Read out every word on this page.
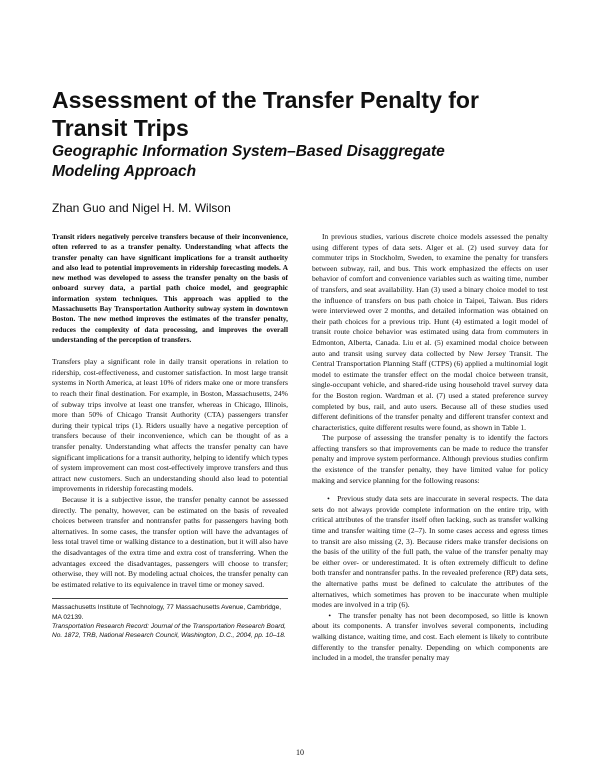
Assessment of the Transfer Penalty for Transit Trips
Geographic Information System–Based Disaggregate Modeling Approach

Zhan Guo and Nigel H. M. Wilson

Transit riders negatively perceive transfers because of their inconvenience, often referred to as a transfer penalty. Understanding what affects the transfer penalty can have significant implications for a transit authority and also lead to potential improvements in ridership forecasting models. A new method was developed to assess the transfer penalty on the basis of onboard survey data, a partial path choice model, and geographic information system techniques. This approach was applied to the Massachusetts Bay Transportation Authority subway system in downtown Boston. The new method improves the estimates of the transfer penalty, reduces the complexity of data processing, and improves the overall understanding of the perception of transfers.

Transfers play a significant role in daily transit operations in relation to ridership, cost-effectiveness, and customer satisfaction. In most large transit systems in North America, at least 10% of riders make one or more transfers to reach their final destination. For example, in Boston, Massachusetts, 24% of subway trips involve at least one transfer, whereas in Chicago, Illinois, more than 50% of Chicago Transit Authority (CTA) passengers transfer during their typical trips (1). Riders usually have a negative perception of transfers because of their inconvenience, which can be thought of as a transfer penalty. Understanding what affects the transfer penalty can have significant implications for a transit authority, helping to identify which types of system improvement can most cost-effectively improve transfers and thus attract new customers. Such an understanding should also lead to potential improvements in ridership forecasting models.

Because it is a subjective issue, the transfer penalty cannot be assessed directly. The penalty, however, can be estimated on the basis of revealed choices between transfer and nontransfer paths for passengers having both alternatives. In some cases, the transfer option will have the advantages of less total travel time or walking distance to a destination, but it will also have the disadvantages of the extra time and extra cost of transferring. When the advantages exceed the disadvantages, passengers will choose to transfer; otherwise, they will not. By modeling actual choices, the transfer penalty can be estimated relative to its equivalence in travel time or money saved.

Massachusetts Institute of Technology, 77 Massachusetts Avenue, Cambridge, MA 02139.

Transportation Research Record: Journal of the Transportation Research Board, No. 1872, TRB, National Research Council, Washington, D.C., 2004, pp. 10–18.

In previous studies, various discrete choice models assessed the penalty using different types of data sets. Alger et al. (2) used survey data for commuter trips in Stockholm, Sweden, to examine the penalty for transfers between subway, rail, and bus. This work emphasized the effects on user behavior of comfort and convenience variables such as waiting time, number of transfers, and seat availability. Han (3) used a binary choice model to test the influence of transfers on bus path choice in Taipei, Taiwan. Bus riders were interviewed over 2 months, and detailed information was obtained on their path choices for a previous trip. Hunt (4) estimated a logit model of transit route choice behavior was estimated using data from commuters in Edmonton, Alberta, Canada. Liu et al. (5) examined modal choice between auto and transit using survey data collected by New Jersey Transit. The Central Transportation Planning Staff (CTPS) (6) applied a multinomial logit model to estimate the transfer effect on the modal choice between transit, single-occupant vehicle, and shared-ride using household travel survey data for the Boston region. Wardman et al. (7) used a stated preference survey completed by bus, rail, and auto users. Because all of these studies used different definitions of the transfer penalty and different transfer context and characteristics, quite different results were found, as shown in Table 1.

The purpose of assessing the transfer penalty is to identify the factors affecting transfers so that improvements can be made to reduce the transfer penalty and improve system performance. Although previous studies confirm the existence of the transfer penalty, they have limited value for policy making and service planning for the following reasons:

• Previous study data sets are inaccurate in several respects. The data sets do not always provide complete information on the entire trip, with critical attributes of the transfer itself often lacking, such as transfer walking time and transfer waiting time (2–7). In some cases access and egress times to transit are also missing (2, 3). Because riders make transfer decisions on the basis of the utility of the full path, the value of the transfer penalty may be either over- or underestimated. It is often extremely difficult to define both transfer and nontransfer paths. In the revealed preference (RP) data sets, the alternative paths must be defined to calculate the attributes of the alternatives, which sometimes has proven to be inaccurate when multiple modes are involved in a trip (6).

• The transfer penalty has not been decomposed, so little is known about its components. A transfer involves several components, including walking distance, waiting time, and cost. Each element is likely to contribute differently to the transfer penalty. Depending on which components are included in a model, the transfer penalty may

10
